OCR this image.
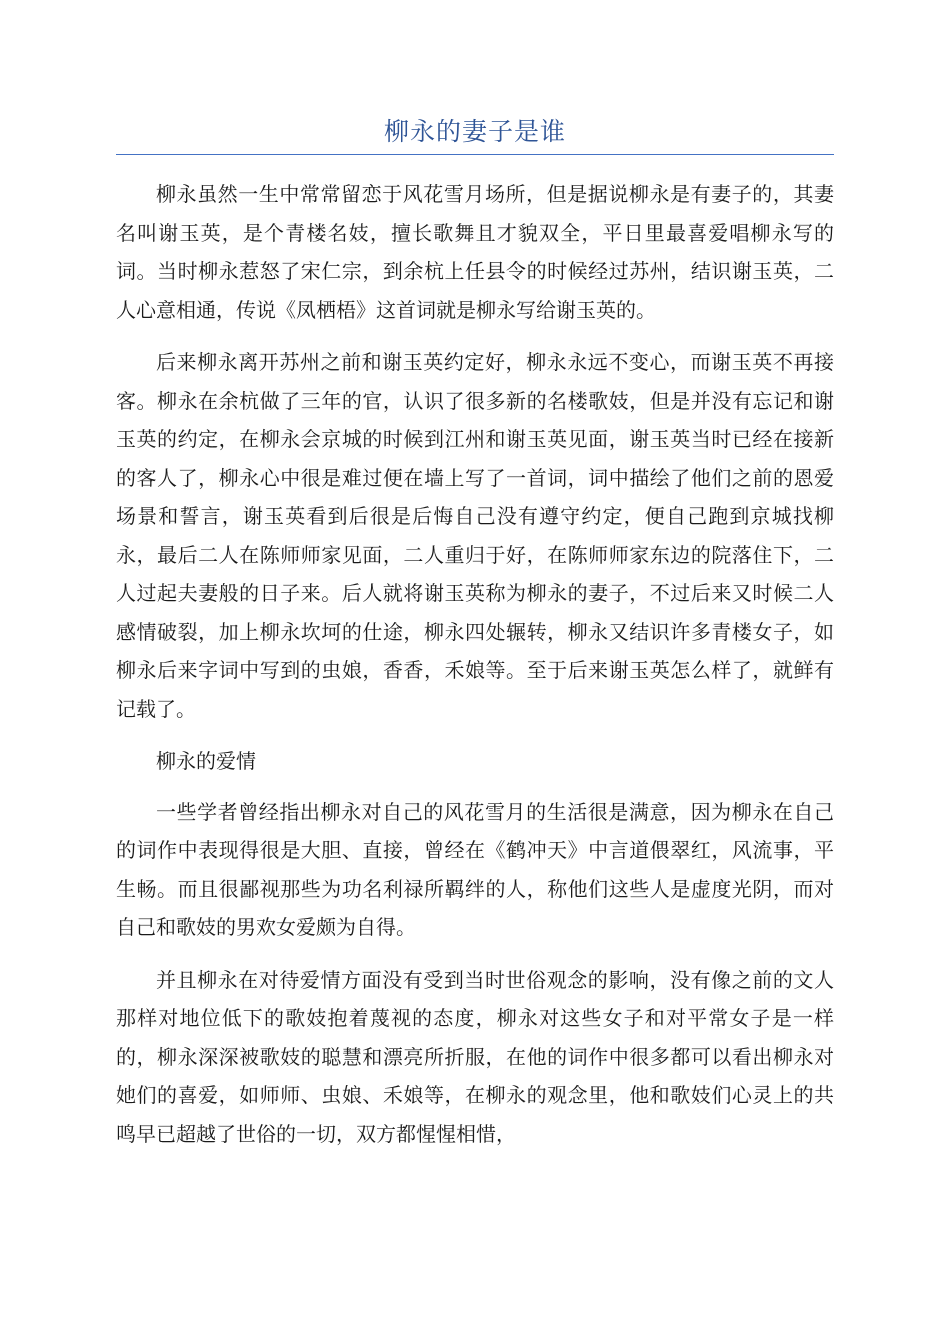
柳永的妻子是谁

柳永虽然一生中常常留恋于风花雪月场所，但是据说柳永是有妻子的，其妻名叫谢玉英，是个青楼名妓，擅长歌舞且才貌双全，平日里最喜爱唱柳永写的词。当时柳永惹怒了宋仁宗，到余杭上任县令的时候经过苏州，结识谢玉英，二人心意相通，传说《凤栖梧》这首词就是柳永写给谢玉英的。

后来柳永离开苏州之前和谢玉英约定好，柳永永远不变心，而谢玉英不再接客。柳永在余杭做了三年的官，认识了很多新的名楼歌妓，但是并没有忘记和谢玉英的约定，在柳永会京城的时候到江州和谢玉英见面，谢玉英当时已经在接新的客人了，柳永心中很是难过便在墙上写了一首词，词中描绘了他们之前的恩爱场景和誓言，谢玉英看到后很是后悔自己没有遵守约定，便自己跑到京城找柳永，最后二人在陈师师家见面，二人重归于好，在陈师师家东边的院落住下，二人过起夫妻般的日子来。后人就将谢玉英称为柳永的妻子，不过后来又时候二人感情破裂，加上柳永坎坷的仕途，柳永四处辗转，柳永又结识许多青楼女子，如柳永后来字词中写到的虫娘，香香，禾娘等。至于后来谢玉英怎么样了，就鲜有记载了。

柳永的爱情

一些学者曾经指出柳永对自己的风花雪月的生活很是满意，因为柳永在自己的词作中表现得很是大胆、直接，曾经在《鹤冲天》中言道偎翠红，风流事，平生畅。而且很鄙视那些为功名利禄所羁绊的人，称他们这些人是虚度光阴，而对自己和歌妓的男欢女爱颇为自得。

并且柳永在对待爱情方面没有受到当时世俗观念的影响，没有像之前的文人那样对地位低下的歌妓抱着蔑视的态度，柳永对这些女子和对平常女子是一样的，柳永深深被歌妓的聪慧和漂亮所折服，在他的词作中很多都可以看出柳永对她们的喜爱，如师师、虫娘、禾娘等，在柳永的观念里，他和歌妓们心灵上的共鸣早已超越了世俗的一切，双方都惺惺相惜，
